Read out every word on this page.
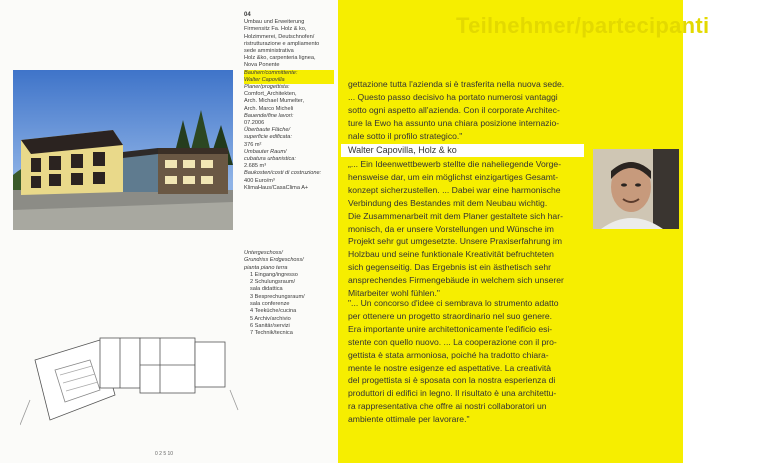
04
Umbau und Erweiterung
Firmensitz Fa. Holz & ko,
Holzimmerei, Deutschnofen/
ristrutturazione e ampliamento
sede amministrativa
Holz &ko, carpenteria lignea,
Nova Ponente
Bauherr/committente:
Walter Capovilla
Planer/progettista:
Comfort_Architekten,
Arch. Michael Mumelter,
Arch. Marco Micheli
Bauende/fine lavori:
07.2006
Überbaute Fläche/
superficie edificata:
376 m²
Umbauter Raum/
cubatura urbanistica:
2.685 m³
Baukosten/costi di costruzione:
400 Euro/m³
KlimaHaus/CasaClima A+
Untergeschoss/
Grundriss Erdgeschoss/
pianta piano terra
1 Eingang/ingresso
2 Schulungsraum/
sala didattica
3 Besprechungsraum/
sala conferenze
4 Teeküche/cucina
5 Archiv/archivio
6 Sanitär/servizi
7 Technik/tecnica
0 2 5 10
Teilnehmer/partecipanti
gettazione tutta l'azienda si è trasferita nella nuova sede.
... Questo passo decisivo ha portato numerosi vantaggi
sotto ogni aspetto all'azienda. Con il corporate Architec-
ture la Ewo ha assunto una chiara posizione internazio-
nale sotto il profilo strategico."
Walter Capovilla, Holz & ko
„... Ein Ideenwettbewerb stellte die naheliegende Vorge-
hensweise dar, um ein möglichst einzigartiges Gesamt-
konzept sicherzustellen. ... Dabei war eine harmonische
Verbindung des Bestandes mit dem Neubau wichtig.
Die Zusammenarbeit mit dem Planer gestaltete sich har-
monisch, da er unsere Vorstellungen und Wünsche im
Projekt sehr gut umgesetzte. Unsere Praxiserfahrung im
Holzbau und seine funktionale Kreativität befruchteten
sich gegenseitig. Das Ergebnis ist ein ästhetisch sehr
ansprechendes Firmengebäude in welchem sich unserer
Mitarbeiter wohl fühlen."
"... Un concorso d'idee ci sembrava lo strumento adatto
per ottenere un progetto straordinario nel suo genere.
Era importante unire architettonicamente l'edificio esi-
stente con quello nuovo. ... La cooperazione con il pro-
gettista è stata armoniosa, poiché ha tradotto chiara-
mente le nostre esigenze ed aspettative. La creatività
del progettista si è sposata con la nostra esperienza di
produttori di edifici in legno. Il risultato è una architettu-
ra rappresentativa che offre ai nostri collaboratori un
ambiente ottimale per lavorare."
